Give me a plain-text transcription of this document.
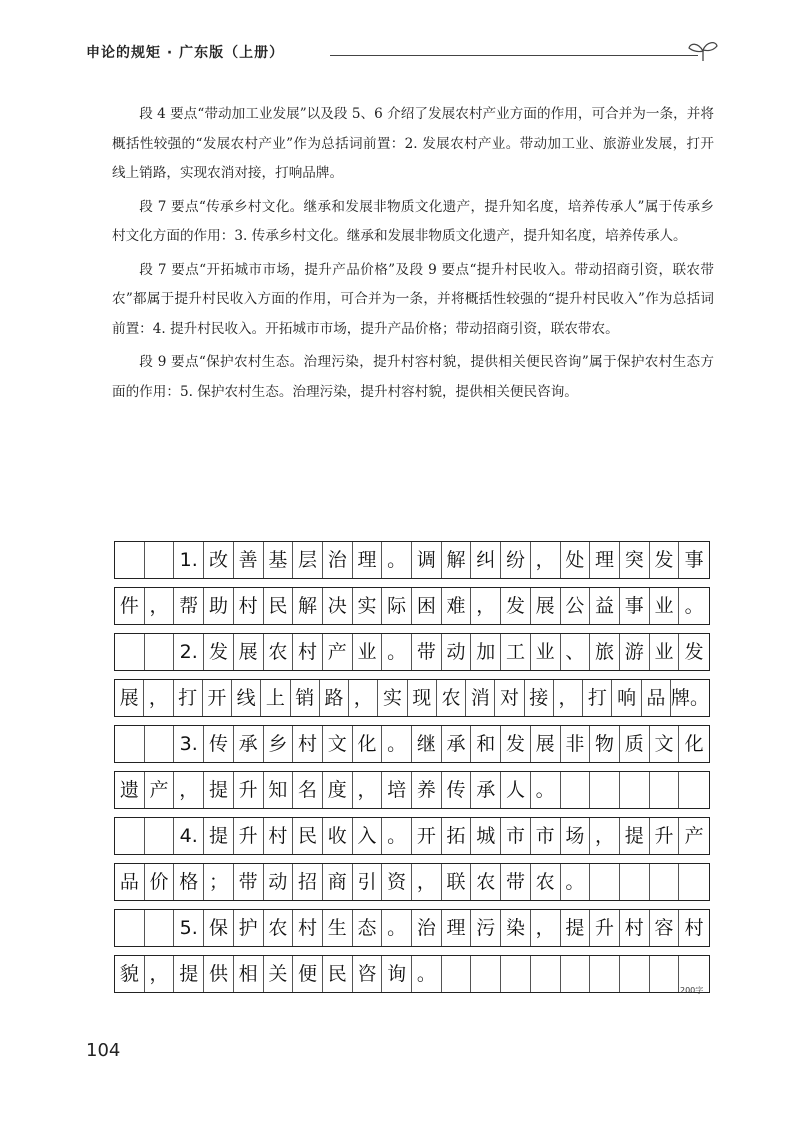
申论的规矩 · 广东版（上册）

段 4 要点“带动加工业发展”以及段 5、6 介绍了发展农村产业方面的作用，可合并为一条，并将概括性较强的“发展农村产业”作为总括词前置：2. 发展农村产业。带动加工业、旅游业发展，打开线上销路，实现农消对接，打响品牌。

段 7 要点“传承乡村文化。继承和发展非物质文化遗产，提升知名度，培养传承人”属于传承乡村文化方面的作用：3. 传承乡村文化。继承和发展非物质文化遗产，提升知名度，培养传承人。

段 7 要点“开拓城市市场，提升产品价格”及段 9 要点“提升村民收入。带动招商引资，联农带农”都属于提升村民收入方面的作用，可合并为一条，并将概括性较强的“提升村民收入”作为总括词前置：4. 提升村民收入。开拓城市市场，提升产品价格；带动招商引资，联农带农。

段 9 要点“保护农村生态。治理污染，提升村容村貌，提供相关便民咨询”属于保护农村生态方面的作用：5. 保护农村生态。治理污染，提升村容村貌，提供相关便民咨询。

1. 改 善 基 层 治 理 。 调 解 纠 纷 ， 处 理 突 发 事
件 ， 帮 助 村 民 解 决 实 际 困 难 ， 发 展 公 益 事 业 。
2. 发 展 农 村 产 业 。 带 动 加 工 业 、 旅 游 业 发
展 ， 打 开 线 上 销 路 ， 实 现 农 消 对 接 ， 打 响 品 牌。
3. 传 承 乡 村 文 化 。 继 承 和 发 展 非 物 质 文 化
遗 产 ， 提 升 知 名 度 ， 培 养 传 承 人 。
4. 提 升 村 民 收 入 。 开 拓 城 市 市 场 ， 提 升 产
品 价 格 ； 带 动 招 商 引 资 ， 联 农 带 农 。
5. 保 护 农 村 生 态 。 治 理 污 染 ， 提 升 村 容 村
貌 ， 提 供 相 关 便 民 咨 询 。
200字
104
